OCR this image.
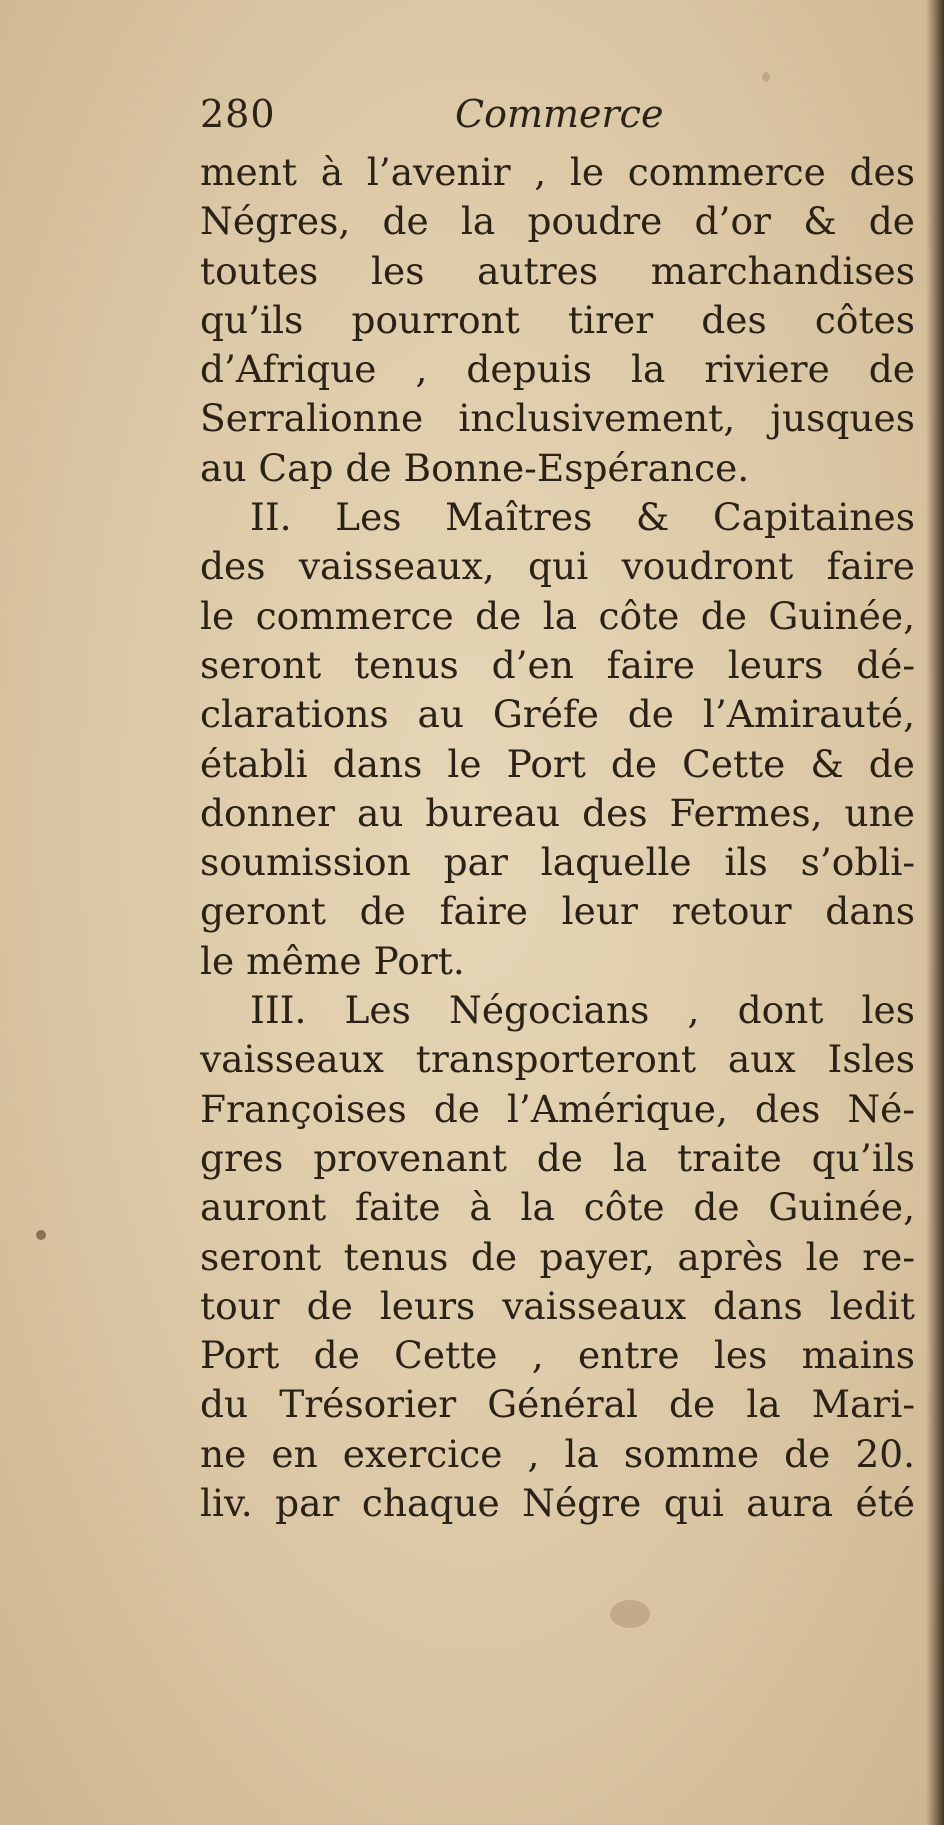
280	Commerce
ment à l’avenir , le commerce des
Négres, de la poudre d’or & de
toutes les autres marchandises
qu’ils pourront tirer des côtes
d’Afrique , depuis la riviere de
Serralionne inclusivement, jusques
au Cap de Bonne-Espérance.
II. Les Maîtres & Capitaines
des vaisseaux, qui voudront faire
le commerce de la côte de Guinée,
seront tenus d’en faire leurs dé-
clarations au Gréfe de l’Amirauté,
établi dans le Port de Cette & de
donner au bureau des Fermes, une
soumission par laquelle ils s’obli-
geront de faire leur retour dans
le même Port.
III. Les Négocians , dont les
vaisseaux transporteront aux Isles
Françoises de l’Amérique, des Né-
gres provenant de la traite qu’ils
auront faite à la côte de Guinée,
seront tenus de payer, après le re-
tour de leurs vaisseaux dans ledit
Port de Cette , entre les mains
du Trésorier Général de la Mari-
ne en exercice , la somme de 20.
liv. par chaque Négre qui aura été
